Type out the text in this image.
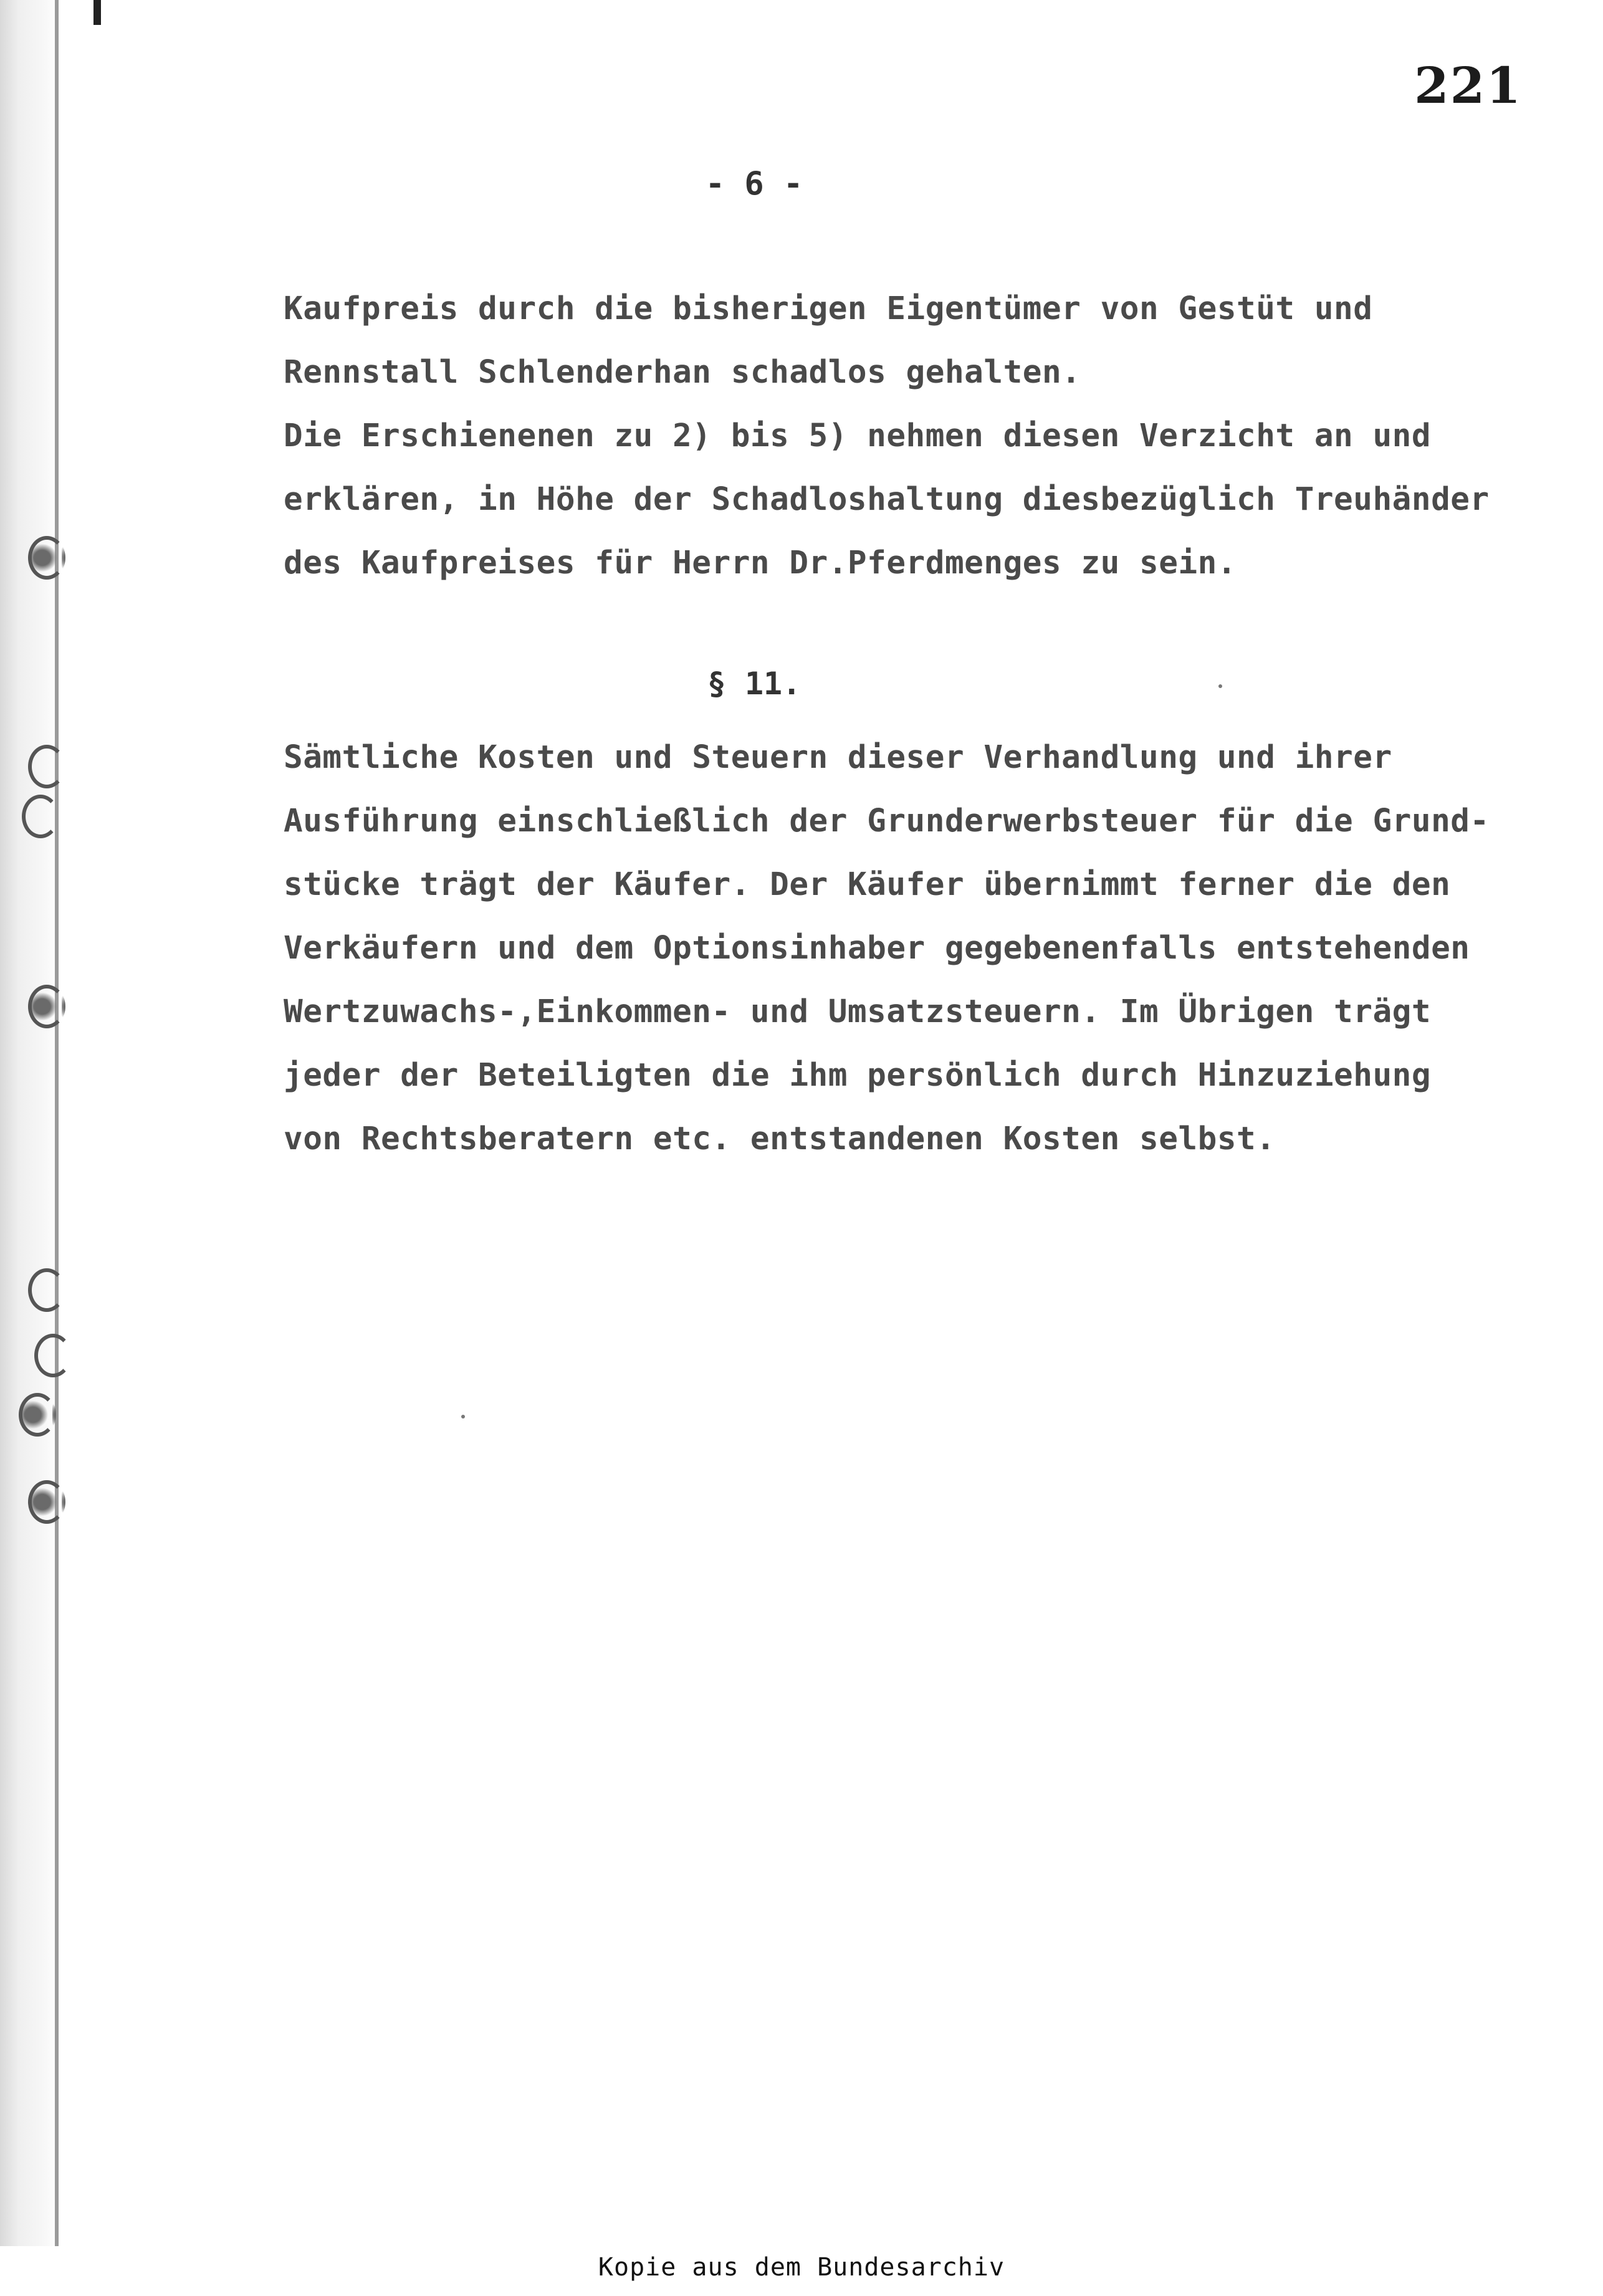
221
- 6 -
Kaufpreis durch die bisherigen Eigentümer von Gestüt und
Rennstall Schlenderhan schadlos gehalten.
Die Erschienenen zu 2) bis 5) nehmen diesen Verzicht an und
erklären, in Höhe der Schadloshaltung diesbezüglich Treuhänder
des Kaufpreises für Herrn Dr.Pferdmenges zu sein.
§ 11.
Sämtliche Kosten und Steuern dieser Verhandlung und ihrer
Ausführung einschließlich der Grunderwerbsteuer für die Grund-
stücke trägt der Käufer. Der Käufer übernimmt ferner die den
Verkäufern und dem Optionsinhaber gegebenenfalls entstehenden
Wertzuwachs-,Einkommen- und Umsatzsteuern. Im Übrigen trägt
jeder der Beteiligten die ihm persönlich durch Hinzuziehung
von Rechtsberatern etc. entstandenen Kosten selbst.
Kopie aus dem Bundesarchiv
